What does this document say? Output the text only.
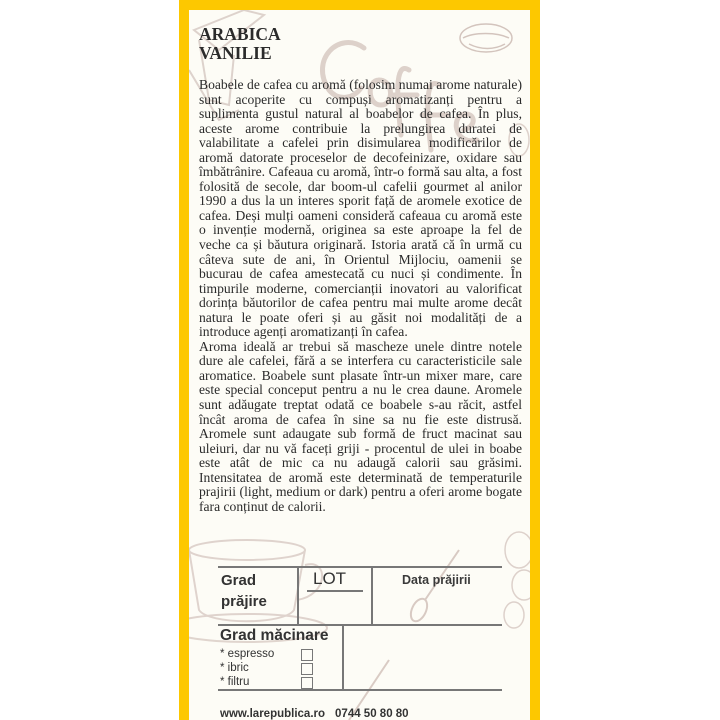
ARABICA
VANILIE

Boabele de cafea cu aromă (folosim numai arome naturale) sunt acoperite cu compuși aromatizanți pentru a suplimenta gustul natural al boabelor de cafea. În plus, aceste arome contribuie la prelungirea duratei de valabilitate a cafelei prin disimularea modificărilor de aromă datorate proceselor de decofeinizare, oxidare sau îmbătrânire. Cafeaua cu aromă, într-o formă sau alta, a fost folosită de secole, dar boom-ul cafelii gourmet al anilor 1990 a dus la un interes sporit față de aromele exotice de cafea. Deși mulți oameni consideră cafeaua cu aromă este o invenție modernă, originea sa este aproape la fel de veche ca și băutura originară. Istoria arată că în urmă cu câteva sute de ani, în Orientul Mijlociu, oamenii se bucurau de cafea amestecată cu nuci și condimente. În timpurile moderne, comercianții inovatori au valorificat dorința băutorilor de cafea pentru mai multe arome decât natura le poate oferi și au găsit noi modalități de a introduce agenți aromatizanți în cafea.

Aroma ideală ar trebui să mascheze unele dintre notele dure ale cafelei, fără a se interfera cu caracteristicile sale aromatice. Boabele sunt plasate într-un mixer mare, care este special conceput pentru a nu le crea daune. Aromele sunt adăugate treptat odată ce boabele s-au răcit, astfel încât aroma de cafea în sine sa nu fie este distrusă. Aromele sunt adaugate sub formă de fruct macinat sau uleiuri, dar nu vă faceți griji - procentul de ulei in boabe este atât de mic ca nu adaugă calorii sau grăsimi. Intensitatea de aromă este determinată de temperaturile prajirii (light, medium or dark) pentru a oferi arome bogate fara conținut de calorii.

Grad
prăjire
LOT	Data prăjirii
Grad măcinare
* espresso
* ibric
* filtru
www.larepublica.ro 0744 50 80 80
